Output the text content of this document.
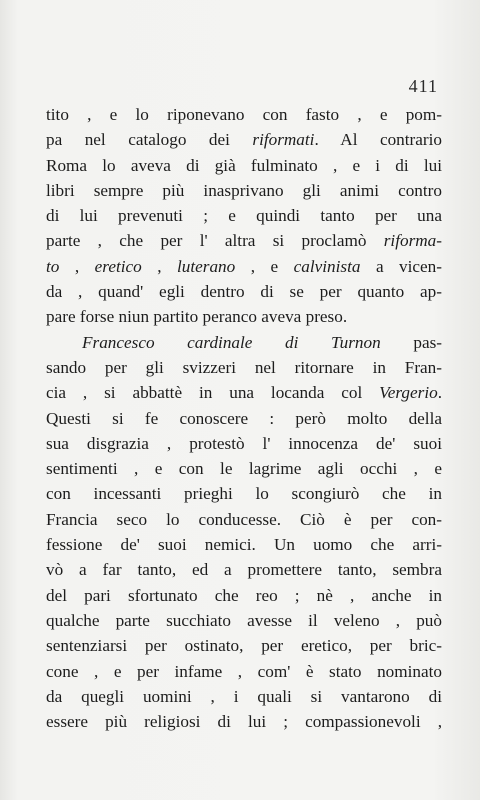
411
tito , e lo riponevano con fasto , e pom-
pa nel catalogo dei riformati. Al contrario
Roma lo aveva di già fulminato , e i di lui
libri sempre più inasprivano gli animi contro
di lui prevenuti ; e quindi tanto per una
parte , che per l' altra si proclamò riforma-
to , eretico , luterano , e calvinista a vicen-
da , quand' egli dentro di se per quanto ap-
pare forse niun partito peranco aveva preso.
Francesco cardinale di Turnon pas-
sando per gli svizzeri nel ritornare in Fran-
cia , si abbattè in una locanda col Vergerio.
Questi si fe conoscere : però molto della
sua disgrazia , protestò l' innocenza de' suoi
sentimenti , e con le lagrime agli occhi , e
con incessanti prieghi lo scongiurò che in
Francia seco lo conducesse. Ciò è per con-
fessione de' suoi nemici. Un uomo che arri-
vò a far tanto, ed a promettere tanto, sembra
del pari sfortunato che reo ; nè , anche in
qualche parte succhiato avesse il veleno , può
sentenziarsi per ostinato, per eretico, per bric-
cone , e per infame , com' è stato nominato
da quegli uomini , i quali si vantarono di
essere più religiosi di lui ; compassionevoli ,
